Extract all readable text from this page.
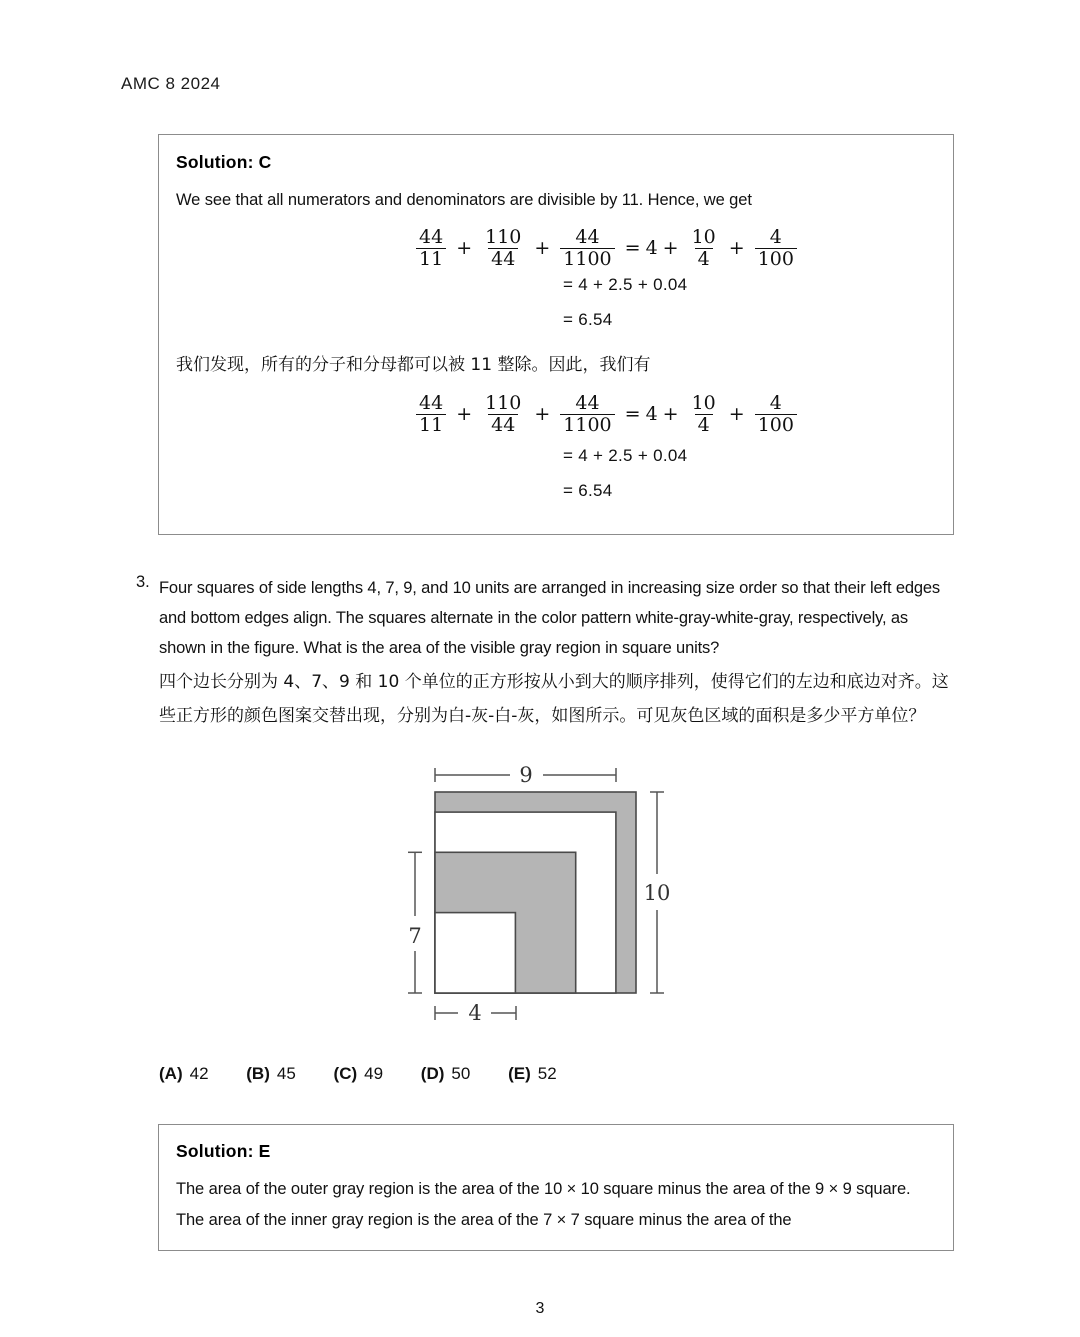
AMC 8 2024
Solution: C
We see that all numerators and denominators are divisible by 11. Hence, we get
$\frac{44}{11} + \frac{110}{44} + \frac{44}{1100} = 4 + \frac{10}{4} + \frac{4}{100}$
= 4 + 2.5 + 0.04
= 6.54
我们发现，所有的分子和分母都可以被 11 整除。因此，我们有
$\frac{44}{11} + \frac{110}{44} + \frac{44}{1100} = 4 + \frac{10}{4} + \frac{4}{100}$
= 4 + 2.5 + 0.04
= 6.54
3. Four squares of side lengths 4, 7, 9, and 10 units are arranged in increasing size order so that their left edges and bottom edges align. The squares alternate in the color pattern white-gray-white-gray, respectively, as shown in the figure. What is the area of the visible gray region in square units?
四个边长分别为 4、7、9 和 10 个单位的正方形按从小到大的顺序排列，使得它们的左边和底边对齐。这些正方形的颜色图案交替出现，分别为白-灰-白-灰，如图所示。可见灰色区域的面积是多少平方单位？
9
10
7
4
(A) 42 (B) 45 (C) 49 (D) 50 (E) 52
Solution: E
The area of the outer gray region is the area of the 10 × 10 square minus the area of the 9 × 9 square. The area of the inner gray region is the area of the 7 × 7 square minus the area of the
3
